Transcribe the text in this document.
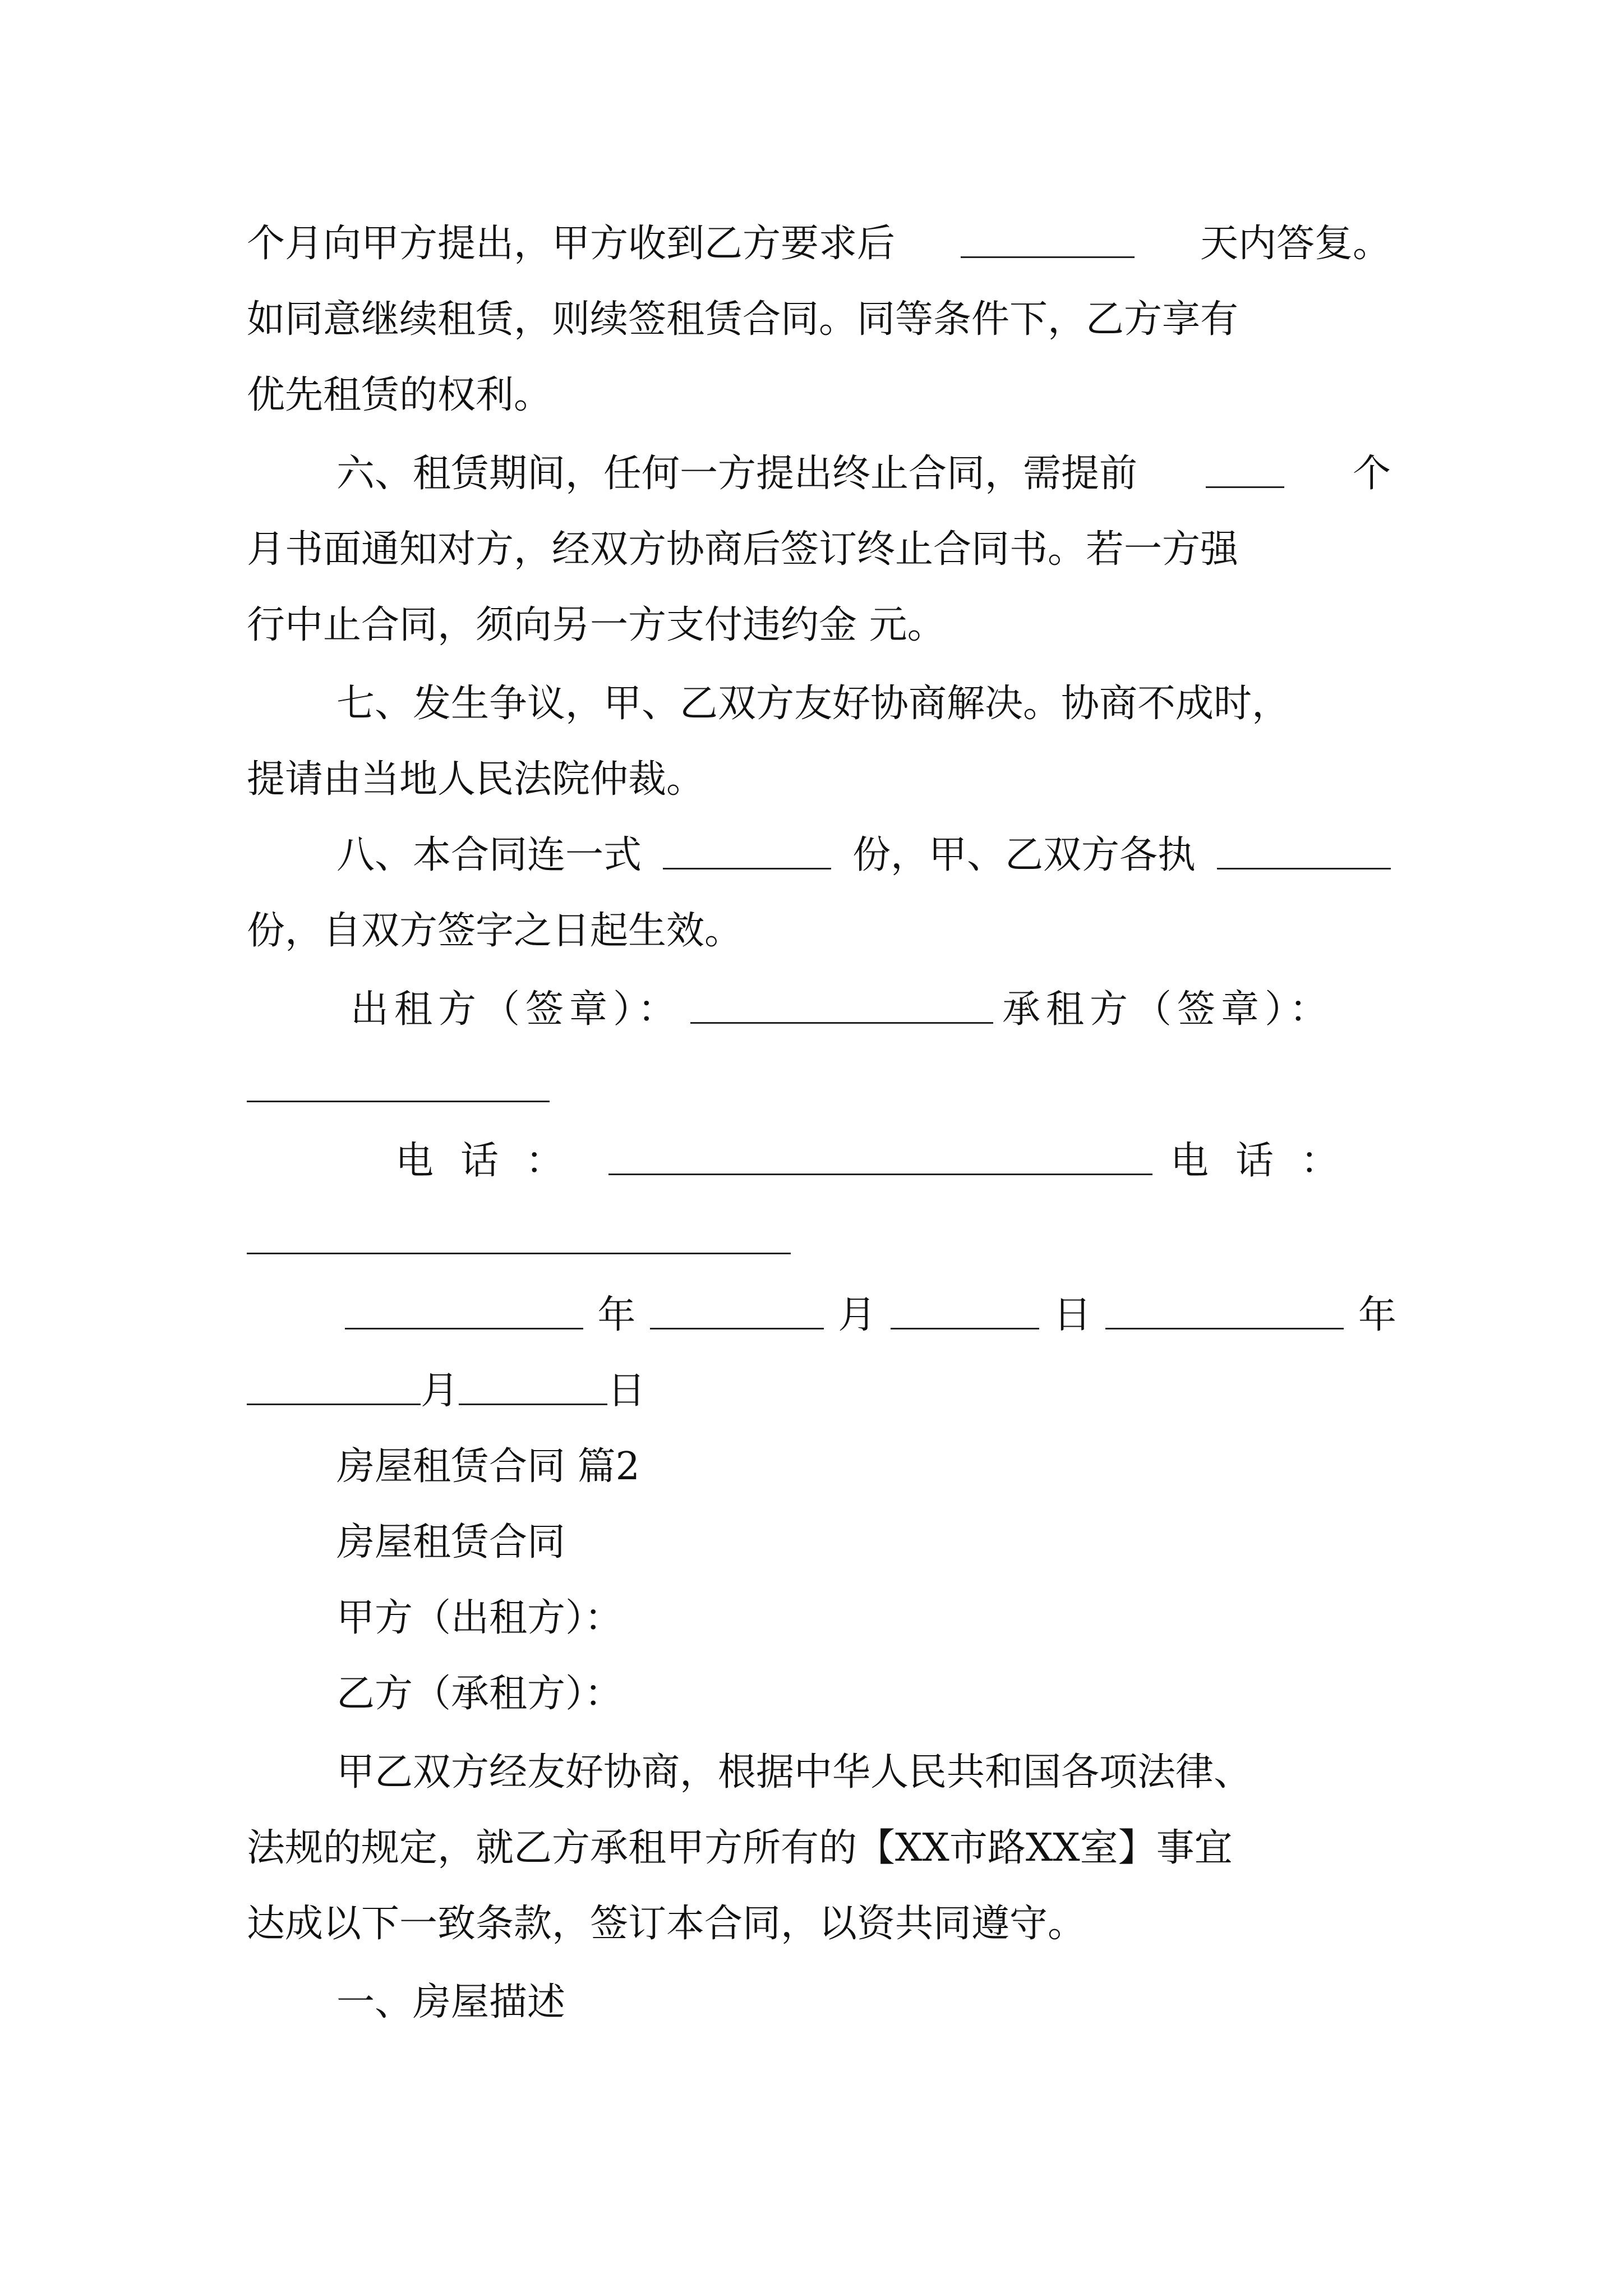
个月向甲方提出，甲方收到乙方要求后	天内答复。
如同意继续租赁，则续签租赁合同。同等条件下，乙方享有
优先租赁的权利。
六、租赁期间，任何一方提出终止合同，需提前	个
月书面通知对方，经双方协商后签订终止合同书。若一方强
行中止合同，须向另一方支付违约金 元。
七、发生争议，甲、乙双方友好协商解决。协商不成时，
提请由当地人民法院仲裁。
八、本合同连一式	份，甲、乙双方各执
份，自双方签字之日起生效。
出租方（签章）：	承租方（签章）：
电话：	电话：
年	月	日	年
月	日
房屋租赁合同 篇2
房屋租赁合同
甲方（出租方）：
乙方（承租方）：
甲乙双方经友好协商，根据中华人民共和国各项法律、
法规的规定，就乙方承租甲方所有的【XX市路XX室】事宜
达成以下一致条款，签订本合同，以资共同遵守。
一、房屋描述
